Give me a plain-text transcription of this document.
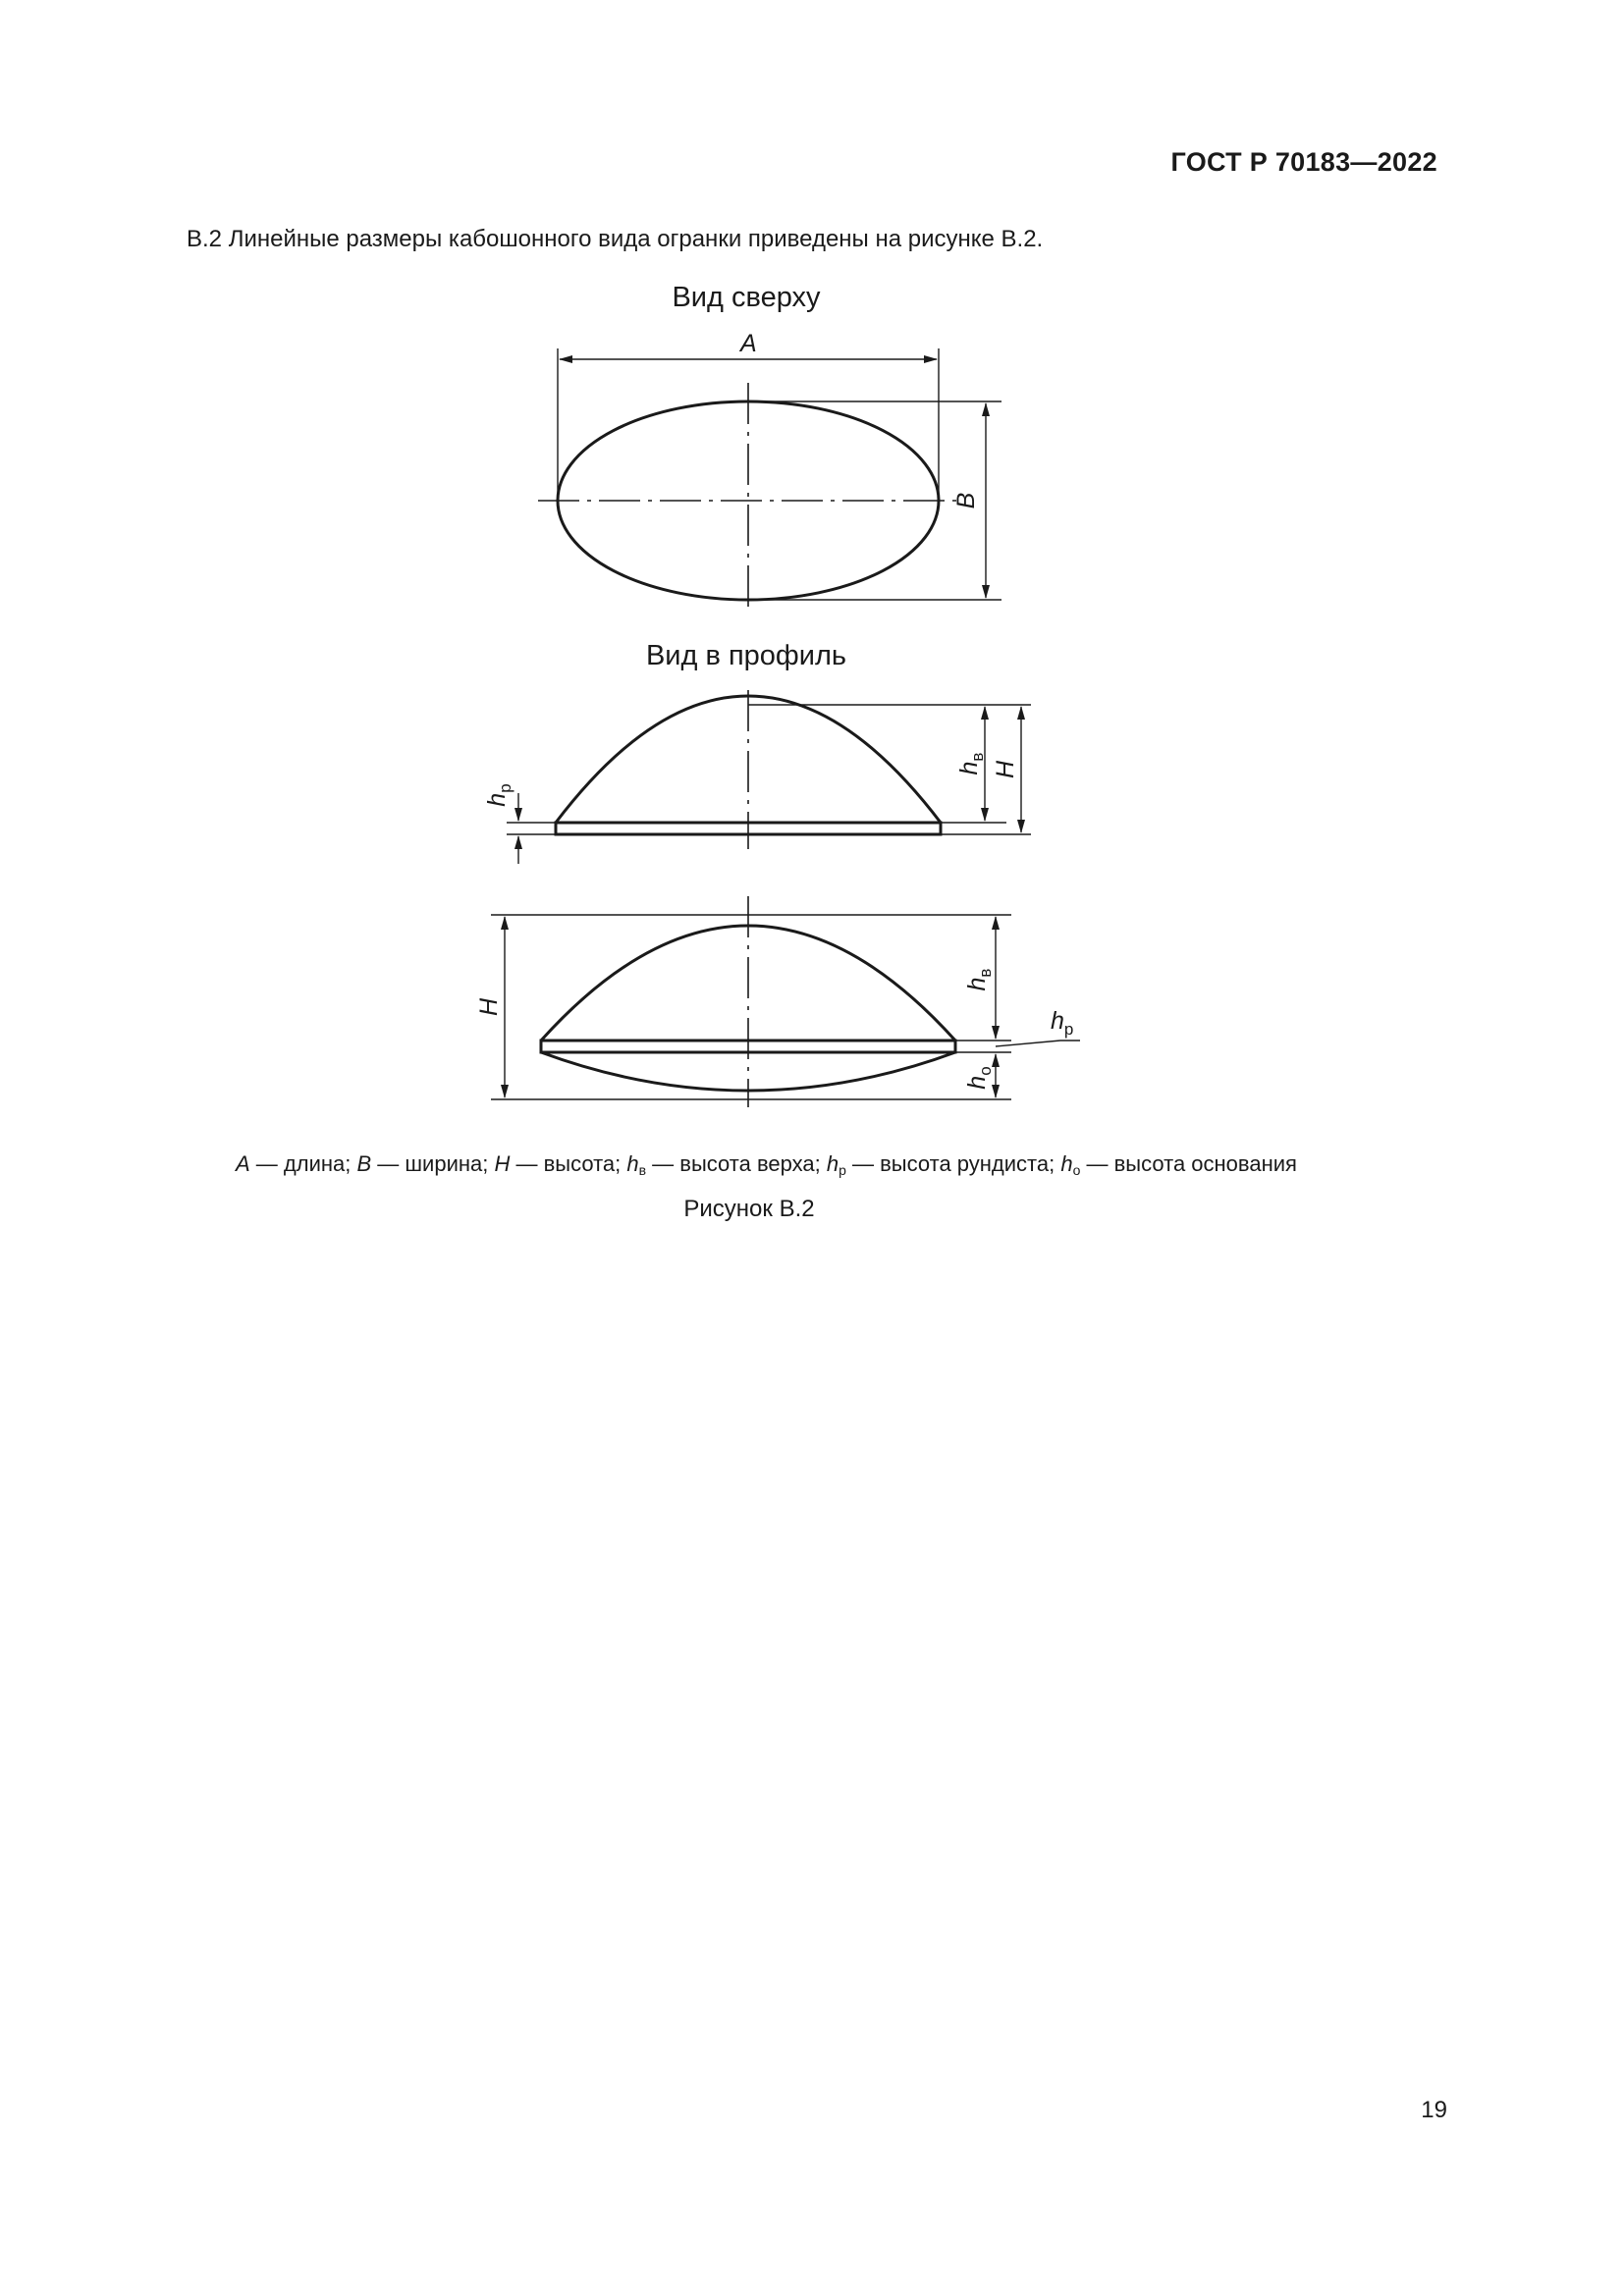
ГОСТ Р 70183—2022
В.2 Линейные размеры кабошонного вида огранки приведены на рисунке В.2.
Вид сверху
Вид в профиль
A
B
$h_в$
H
$h_р$
H
$h_в$
$h_о$
$h_р$
A — длина; B — ширина; H — высота; $h_в$ — высота верха; $h_р$ — высота рундиста; $h_о$ — высота основания
Рисунок В.2
19
